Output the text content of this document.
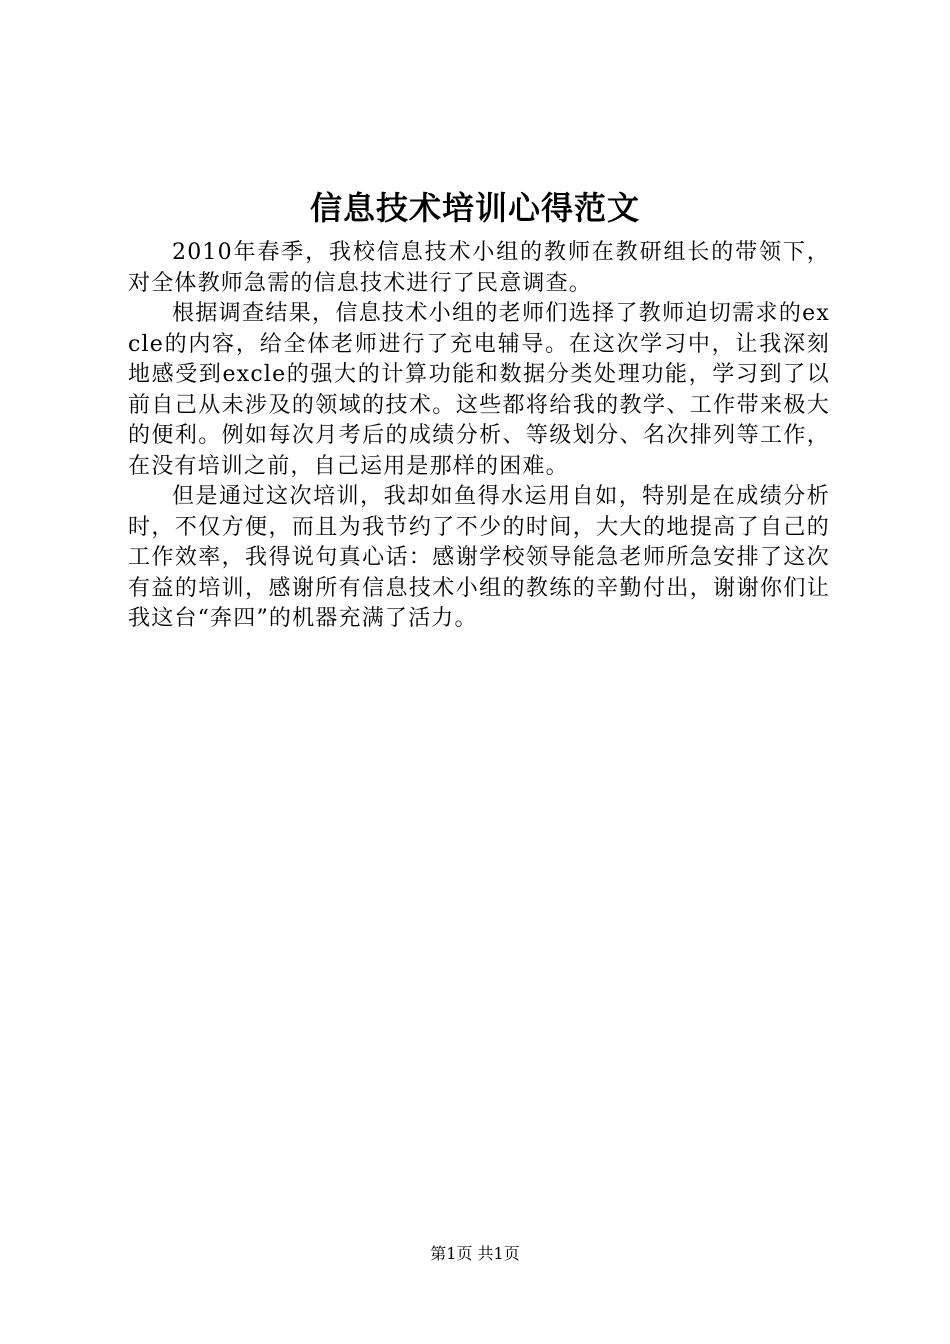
信息技术培训心得范文

2010年春季，我校信息技术小组的教师在教研组长的带领下，对全体教师急需的信息技术进行了民意调查。

根据调查结果，信息技术小组的老师们选择了教师迫切需求的excle的内容，给全体老师进行了充电辅导。在这次学习中，让我深刻地感受到excle的强大的计算功能和数据分类处理功能，学习到了以前自己从未涉及的领域的技术。这些都将给我的教学、工作带来极大的便利。例如每次月考后的成绩分析、等级划分、名次排列等工作，在没有培训之前，自己运用是那样的困难。

但是通过这次培训，我却如鱼得水运用自如，特别是在成绩分析时，不仅方便，而且为我节约了不少的时间，大大的地提高了自己的工作效率，我得说句真心话：感谢学校领导能急老师所急安排了这次有益的培训，感谢所有信息技术小组的教练的辛勤付出，谢谢你们让我这台“奔四”的机器充满了活力。

第1页 共1页
